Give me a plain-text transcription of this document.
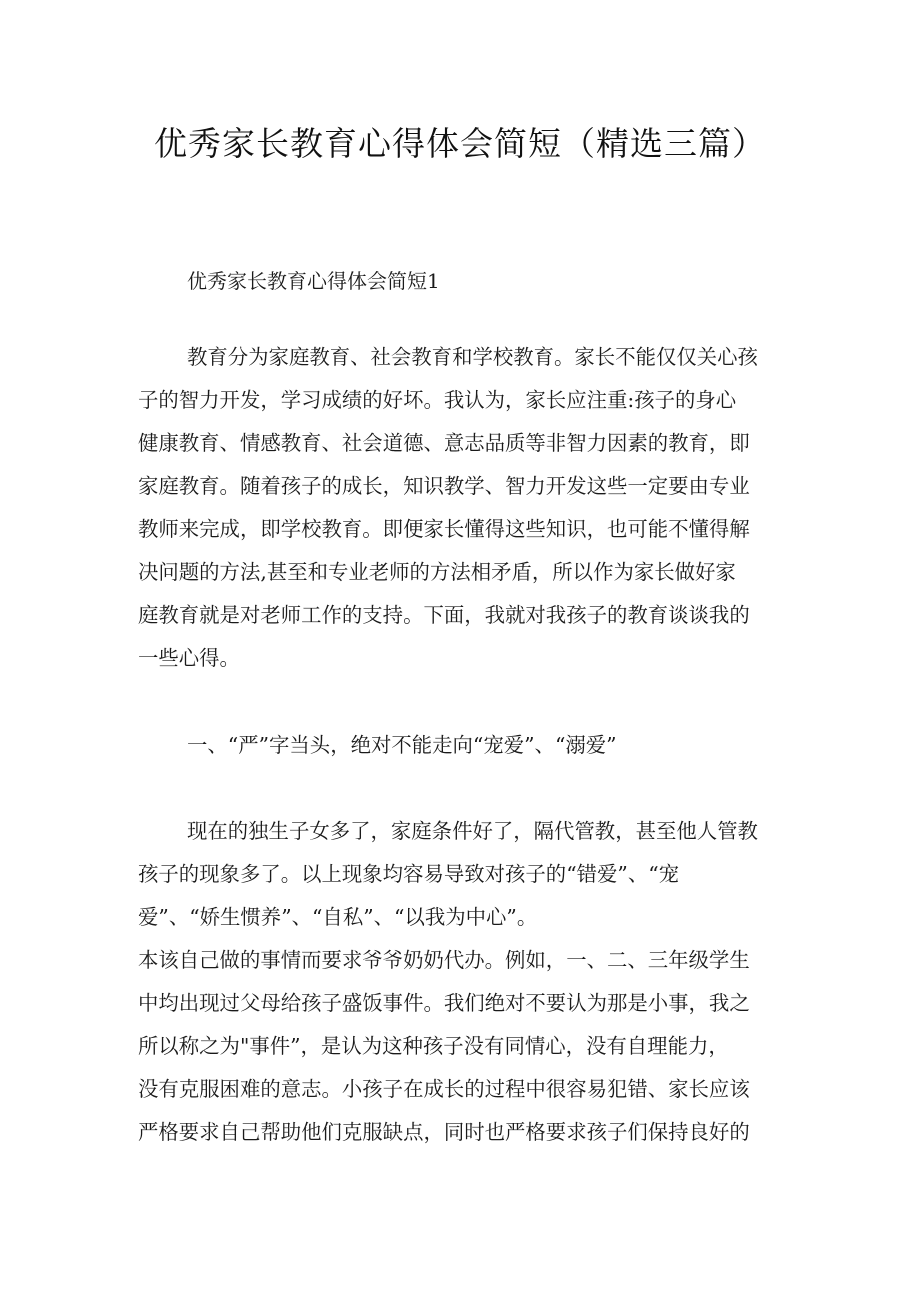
优秀家长教育心得体会简短（精选三篇）
优秀家长教育心得体会简短1
教育分为家庭教育、社会教育和学校教育。家长不能仅仅关心孩
子的智力开发，学习成绩的好坏。我认为，家长应注重:孩子的身心
健康教育、情感教育、社会道德、意志品质等非智力因素的教育，即
家庭教育。随着孩子的成长，知识教学、智力开发这些一定要由专业
教师来完成，即学校教育。即便家长懂得这些知识，也可能不懂得解
决问题的方法,甚至和专业老师的方法相矛盾，所以作为家长做好家
庭教育就是对老师工作的支持。下面，我就对我孩子的教育谈谈我的
一些心得。
一、“严”字当头，绝对不能走向“宠爱”、“溺爱”
现在的独生子女多了，家庭条件好了，隔代管教，甚至他人管教
孩子的现象多了。以上现象均容易导致对孩子的“错爱”、“宠
爱”、“娇生惯养”、“自私”、“以我为中心”。
本该自己做的事情而要求爷爷奶奶代办。例如，一、二、三年级学生
中均出现过父母给孩子盛饭事件。我们绝对不要认为那是小事，我之
所以称之为"事件”，是认为这种孩子没有同情心，没有自理能力，
没有克服困难的意志。小孩子在成长的过程中很容易犯错、家长应该
严格要求自己帮助他们克服缺点，同时也严格要求孩子们保持良好的
